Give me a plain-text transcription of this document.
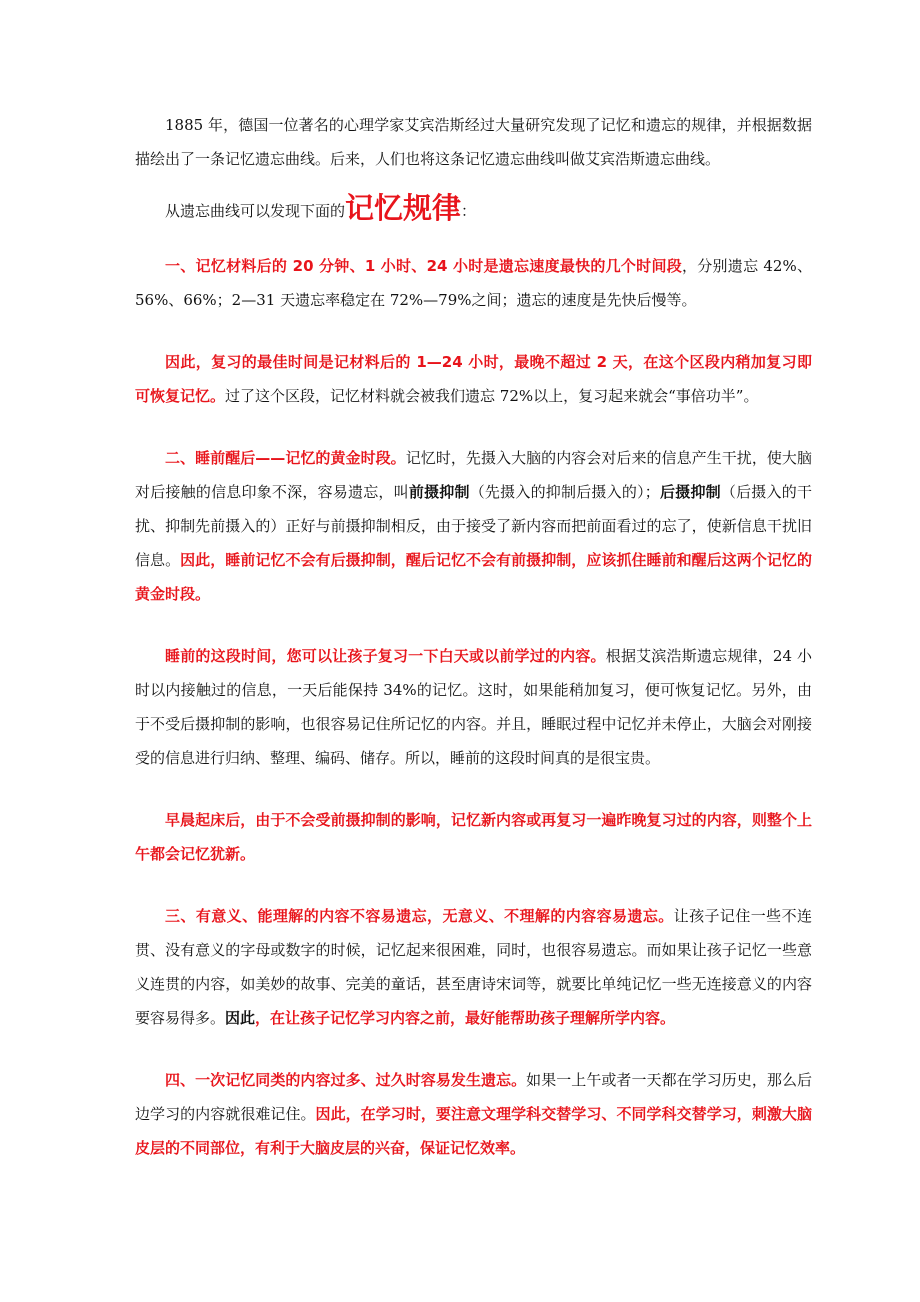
1885 年，德国一位著名的心理学家艾宾浩斯经过大量研究发现了记忆和遗忘的规律，并根据数据描绘出了一条记忆遗忘曲线。后来，人们也将这条记忆遗忘曲线叫做艾宾浩斯遗忘曲线。

从遗忘曲线可以发现下面的记忆规律：

一、记忆材料后的 20 分钟、1 小时、24 小时是遗忘速度最快的几个时间段，分别遗忘 42%、56%、66%；2—31 天遗忘率稳定在 72%—79%之间；遗忘的速度是先快后慢等。

因此，复习的最佳时间是记材料后的 1—24 小时，最晚不超过 2 天，在这个区段内稍加复习即可恢复记忆。过了这个区段，记忆材料就会被我们遗忘 72%以上，复习起来就会“事倍功半”。

二、睡前醒后——记忆的黄金时段。记忆时，先摄入大脑的内容会对后来的信息产生干扰，使大脑对后接触的信息印象不深，容易遗忘，叫前摄抑制（先摄入的抑制后摄入的）；后摄抑制（后摄入的干扰、抑制先前摄入的）正好与前摄抑制相反，由于接受了新内容而把前面看过的忘了，使新信息干扰旧信息。因此，睡前记忆不会有后摄抑制，醒后记忆不会有前摄抑制，应该抓住睡前和醒后这两个记忆的黄金时段。

睡前的这段时间，您可以让孩子复习一下白天或以前学过的内容。根据艾滨浩斯遗忘规律，24 小时以内接触过的信息，一天后能保持 34%的记忆。这时，如果能稍加复习，便可恢复记忆。另外，由于不受后摄抑制的影响，也很容易记住所记忆的内容。并且，睡眠过程中记忆并未停止，大脑会对刚接受的信息进行归纳、整理、编码、储存。所以，睡前的这段时间真的是很宝贵。

早晨起床后，由于不会受前摄抑制的影响，记忆新内容或再复习一遍昨晚复习过的内容，则整个上午都会记忆犹新。

三、有意义、能理解的内容不容易遗忘，无意义、不理解的内容容易遗忘。让孩子记住一些不连贯、没有意义的字母或数字的时候，记忆起来很困难，同时，也很容易遗忘。而如果让孩子记忆一些意义连贯的内容，如美妙的故事、完美的童话，甚至唐诗宋词等，就要比单纯记忆一些无连接意义的内容要容易得多。因此，在让孩子记忆学习内容之前，最好能帮助孩子理解所学内容。

四、一次记忆同类的内容过多、过久时容易发生遗忘。如果一上午或者一天都在学习历史，那么后边学习的内容就很难记住。因此，在学习时，要注意文理学科交替学习、不同学科交替学习，刺激大脑皮层的不同部位，有利于大脑皮层的兴奋，保证记忆效率。
